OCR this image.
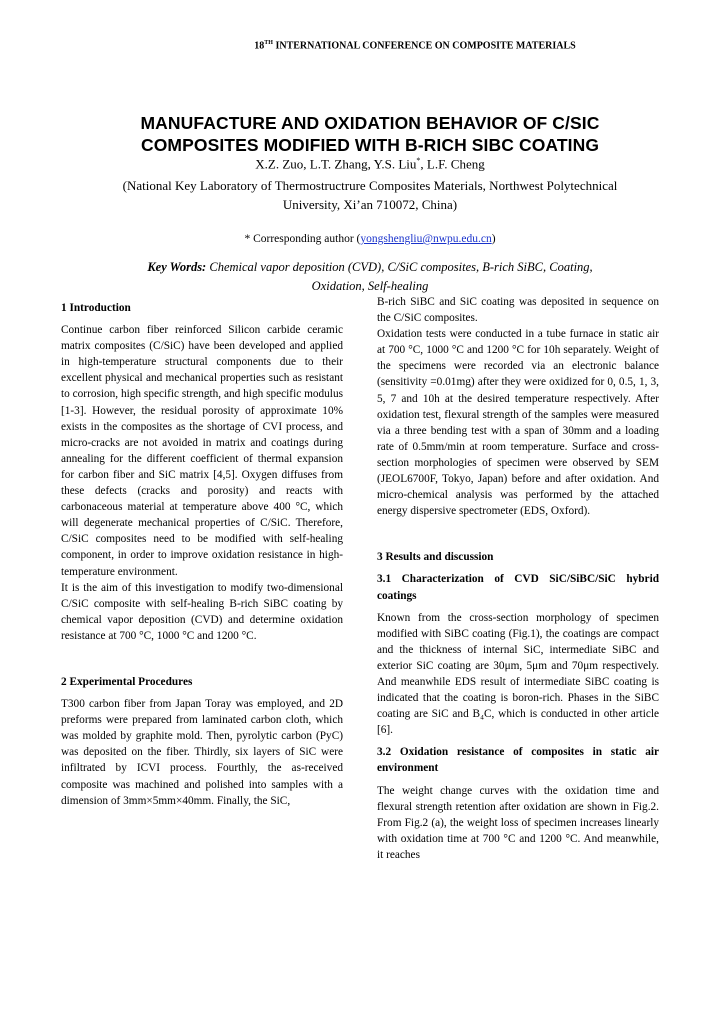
18TH INTERNATIONAL CONFERENCE ON COMPOSITE MATERIALS
MANUFACTURE AND OXIDATION BEHAVIOR OF C/SIC
COMPOSITES MODIFIED WITH B-RICH SIBC COATING
X.Z. Zuo, L.T. Zhang, Y.S. Liu*, L.F. Cheng
(National Key Laboratory of Thermostructrure Composites Materials, Northwest Polytechnical
University, Xi’an 710072, China)
* Corresponding author (yongshengliu@nwpu.edu.cn)
Key Words: Chemical vapor deposition (CVD), C/SiC composites, B-rich SiBC, Coating,
Oxidation, Self-healing
1 Introduction

Continue carbon fiber reinforced Silicon carbide ceramic matrix composites (C/SiC) have been developed and applied in high-temperature structural components due to their excellent physical and mechanical properties such as resistant to corrosion, high specific strength, and high specific modulus [1-3]. However, the residual porosity of approximate 10% exists in the composites as the shortage of CVI process, and micro-cracks are not avoided in matrix and coatings during annealing for the different coefficient of thermal expansion for carbon fiber and SiC matrix [4,5]. Oxygen diffuses from these defects (cracks and porosity) and reacts with carbonaceous material at temperature above 400 °C, which will degenerate mechanical properties of C/SiC. Therefore, C/SiC composites need to be modified with self-healing component, in order to improve oxidation resistance in high-temperature environment.

It is the aim of this investigation to modify two-dimensional C/SiC composite with self-healing B-rich SiBC coating by chemical vapor deposition (CVD) and determine oxidation resistance at 700 °C, 1000 °C and 1200 °C.

2 Experimental Procedures

T300 carbon fiber from Japan Toray was employed, and 2D preforms were prepared from laminated carbon cloth, which was molded by graphite mold. Then, pyrolytic carbon (PyC) was deposited on the fiber. Thirdly, six layers of SiC were infiltrated by ICVI process. Fourthly, the as-received composite was machined and polished into samples with a dimension of 3mm×5mm×40mm. Finally, the SiC,

B-rich SiBC and SiC coating was deposited in sequence on the C/SiC composites.

Oxidation tests were conducted in a tube furnace in static air at 700 °C, 1000 °C and 1200 °C for 10h separately. Weight of the specimens were recorded via an electronic balance (sensitivity =0.01mg) after they were oxidized for 0, 0.5, 1, 3, 5, 7 and 10h at the desired temperature respectively. After oxidation test, flexural strength of the samples were measured via a three bending test with a span of 30mm and a loading rate of 0.5mm/min at room temperature. Surface and cross-section morphologies of specimen were observed by SEM (JEOL6700F, Tokyo, Japan) before and after oxidation. And micro-chemical analysis was performed by the attached energy dispersive spectrometer (EDS, Oxford).

3 Results and discussion
3.1 Characterization of CVD SiC/SiBC/SiC hybrid coatings

Known from the cross-section morphology of specimen modified with SiBC coating (Fig.1), the coatings are compact and the thickness of internal SiC, intermediate SiBC and exterior SiC coating are 30μm, 5μm and 70μm respectively. And meanwhile EDS result of intermediate SiBC coating is indicated that the coating is boron-rich. Phases in the SiBC coating are SiC and B₄C, which is conducted in other article [6].

3.2 Oxidation resistance of composites in static air environment

The weight change curves with the oxidation time and flexural strength retention after oxidation are shown in Fig.2. From Fig.2 (a), the weight loss of specimen increases linearly with oxidation time at 700 °C and 1200 °C. And meanwhile, it reaches
